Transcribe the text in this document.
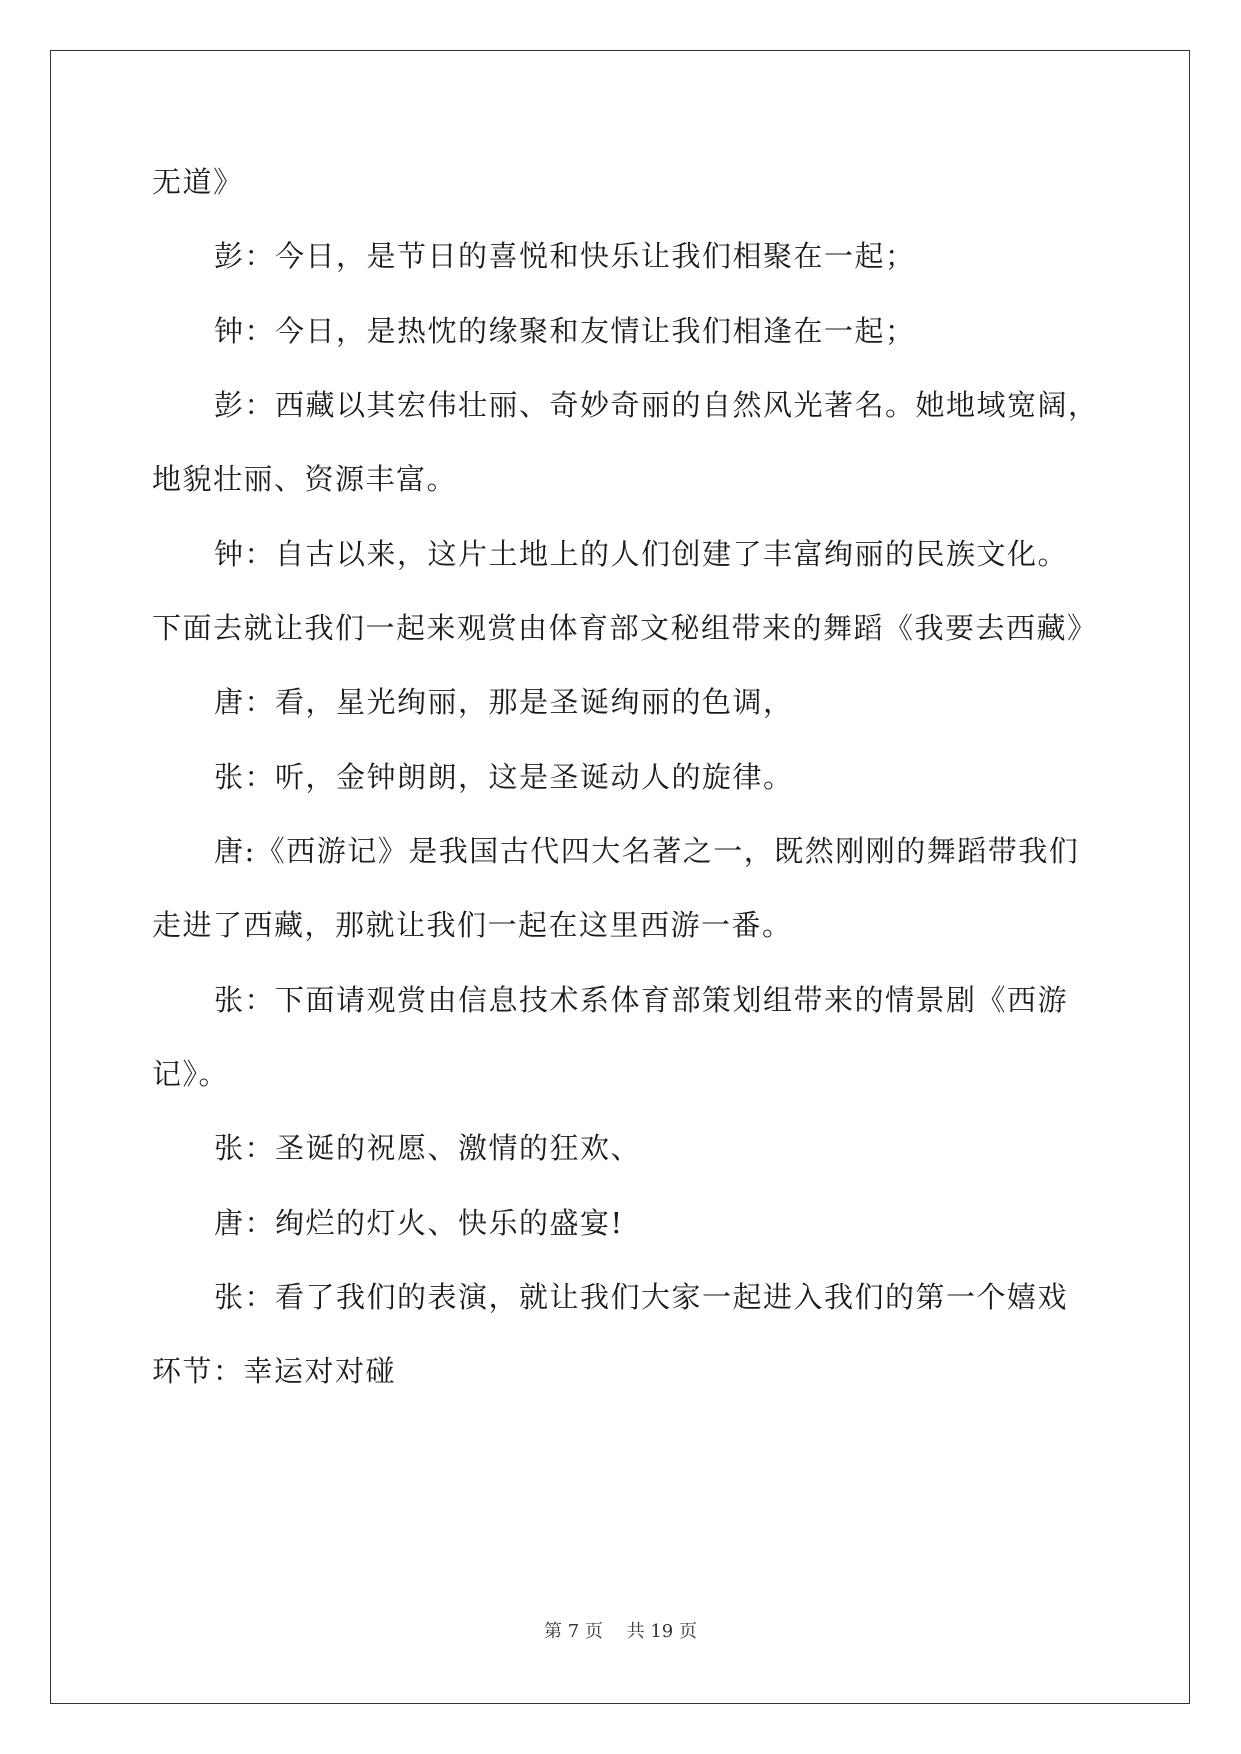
无道》
彭：今日，是节日的喜悦和快乐让我们相聚在一起；
钟：今日，是热忱的缘聚和友情让我们相逢在一起；
彭：西藏以其宏伟壮丽、奇妙奇丽的自然风光著名。她地域宽阔，
地貌壮丽、资源丰富。
钟：自古以来，这片土地上的人们创建了丰富绚丽的民族文化。
下面去就让我们一起来观赏由体育部文秘组带来的舞蹈《我要去西藏》
唐：看，星光绚丽，那是圣诞绚丽的色调，
张：听，金钟朗朗，这是圣诞动人的旋律。
唐:《西游记》是我国古代四大名著之一，既然刚刚的舞蹈带我们
走进了西藏，那就让我们一起在这里西游一番。
张：下面请观赏由信息技术系体育部策划组带来的情景剧《西游
记》。
张：圣诞的祝愿、激情的狂欢、
唐：绚烂的灯火、快乐的盛宴!
张：看了我们的表演，就让我们大家一起进入我们的第一个嬉戏
环节：幸运对对碰
第 7 页　 共 19 页
